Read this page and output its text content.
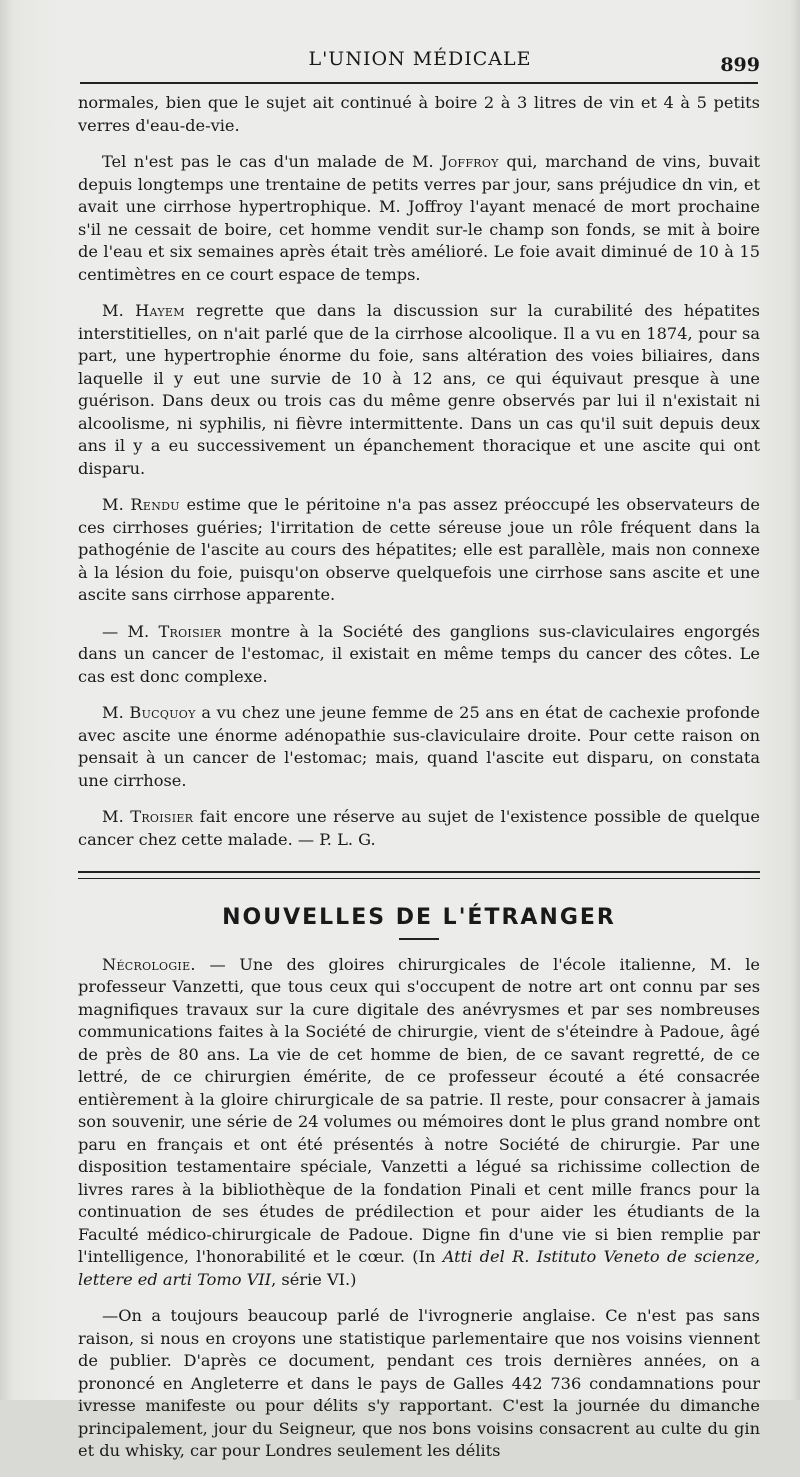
L'UNION MÉDICALE	899

normales, bien que le sujet ait continué à boire 2 à 3 litres de vin et 4 à 5 petits verres d'eau-de-vie.

Tel n'est pas le cas d'un malade de M. Joffroy qui, marchand de vins, buvait depuis longtemps une trentaine de petits verres par jour, sans préjudice dn vin, et avait une cirrhose hypertrophique. M. Joffroy l'ayant menacé de mort prochaine s'il ne cessait de boire, cet homme vendit sur-le champ son fonds, se mit à boire de l'eau et six semaines après était très amélioré. Le foie avait diminué de 10 à 15 centimètres en ce court espace de temps.

M. Hayem regrette que dans la discussion sur la curabilité des hépatites interstitielles, on n'ait parlé que de la cirrhose alcoolique. Il a vu en 1874, pour sa part, une hypertrophie énorme du foie, sans altération des voies biliaires, dans laquelle il y eut une survie de 10 à 12 ans, ce qui équivaut presque à une guérison. Dans deux ou trois cas du même genre observés par lui il n'existait ni alcoolisme, ni syphilis, ni fièvre intermittente. Dans un cas qu'il suit depuis deux ans il y a eu successivement un épanchement thoracique et une ascite qui ont disparu.

M. Rendu estime que le péritoine n'a pas assez préoccupé les observateurs de ces cirrhoses guéries; l'irritation de cette séreuse joue un rôle fréquent dans la pathogénie de l'ascite au cours des hépatites; elle est parallèle, mais non connexe à la lésion du foie, puisqu'on observe quelquefois une cirrhose sans ascite et une ascite sans cirrhose apparente.

— M. Troisier montre à la Société des ganglions sus-claviculaires engorgés dans un cancer de l'estomac, il existait en même temps du cancer des côtes. Le cas est donc complexe.

M. Bucquoy a vu chez une jeune femme de 25 ans en état de cachexie profonde avec ascite une énorme adénopathie sus-claviculaire droite. Pour cette raison on pensait à un cancer de l'estomac; mais, quand l'ascite eut disparu, on constata une cirrhose.

M. Troisier fait encore une réserve au sujet de l'existence possible de quelque cancer chez cette malade. — P. L. G.

NOUVELLES DE L'ÉTRANGER

Nécrologie. — Une des gloires chirurgicales de l'école italienne, M. le professeur Vanzetti, que tous ceux qui s'occupent de notre art ont connu par ses magnifiques travaux sur la cure digitale des anévrysmes et par ses nombreuses communications faites à la Société de chirurgie, vient de s'éteindre à Padoue, âgé de près de 80 ans. La vie de cet homme de bien, de ce savant regretté, de ce lettré, de ce chirurgien émérite, de ce professeur écouté a été consacrée entièrement à la gloire chirurgicale de sa patrie. Il reste, pour consacrer à jamais son souvenir, une série de 24 volumes ou mémoires dont le plus grand nombre ont paru en français et ont été présentés à notre Société de chirurgie. Par une disposition testamentaire spéciale, Vanzetti a légué sa richissime collection de livres rares à la bibliothèque de la fondation Pinali et cent mille francs pour la continuation de ses études de prédilection et pour aider les étudiants de la Faculté médico-chirurgicale de Padoue. Digne fin d'une vie si bien remplie par l'intelligence, l'honorabilité et le cœur. (In Atti del R. Istituto Veneto de scienze, lettere ed arti Tomo VII, série VI.)

—On a toujours beaucoup parlé de l'ivrognerie anglaise. Ce n'est pas sans raison, si nous en croyons une statistique parlementaire que nos voisins viennent de publier. D'après ce document, pendant ces trois dernières années, on a prononcé en Angleterre et dans le pays de Galles 442 736 condamnations pour ivresse manifeste ou pour délits s'y rapportant. C'est la journée du dimanche principalement, jour du Seigneur, que nos bons voisins consacrent au culte du gin et du whisky, car pour Londres seulement les délits
